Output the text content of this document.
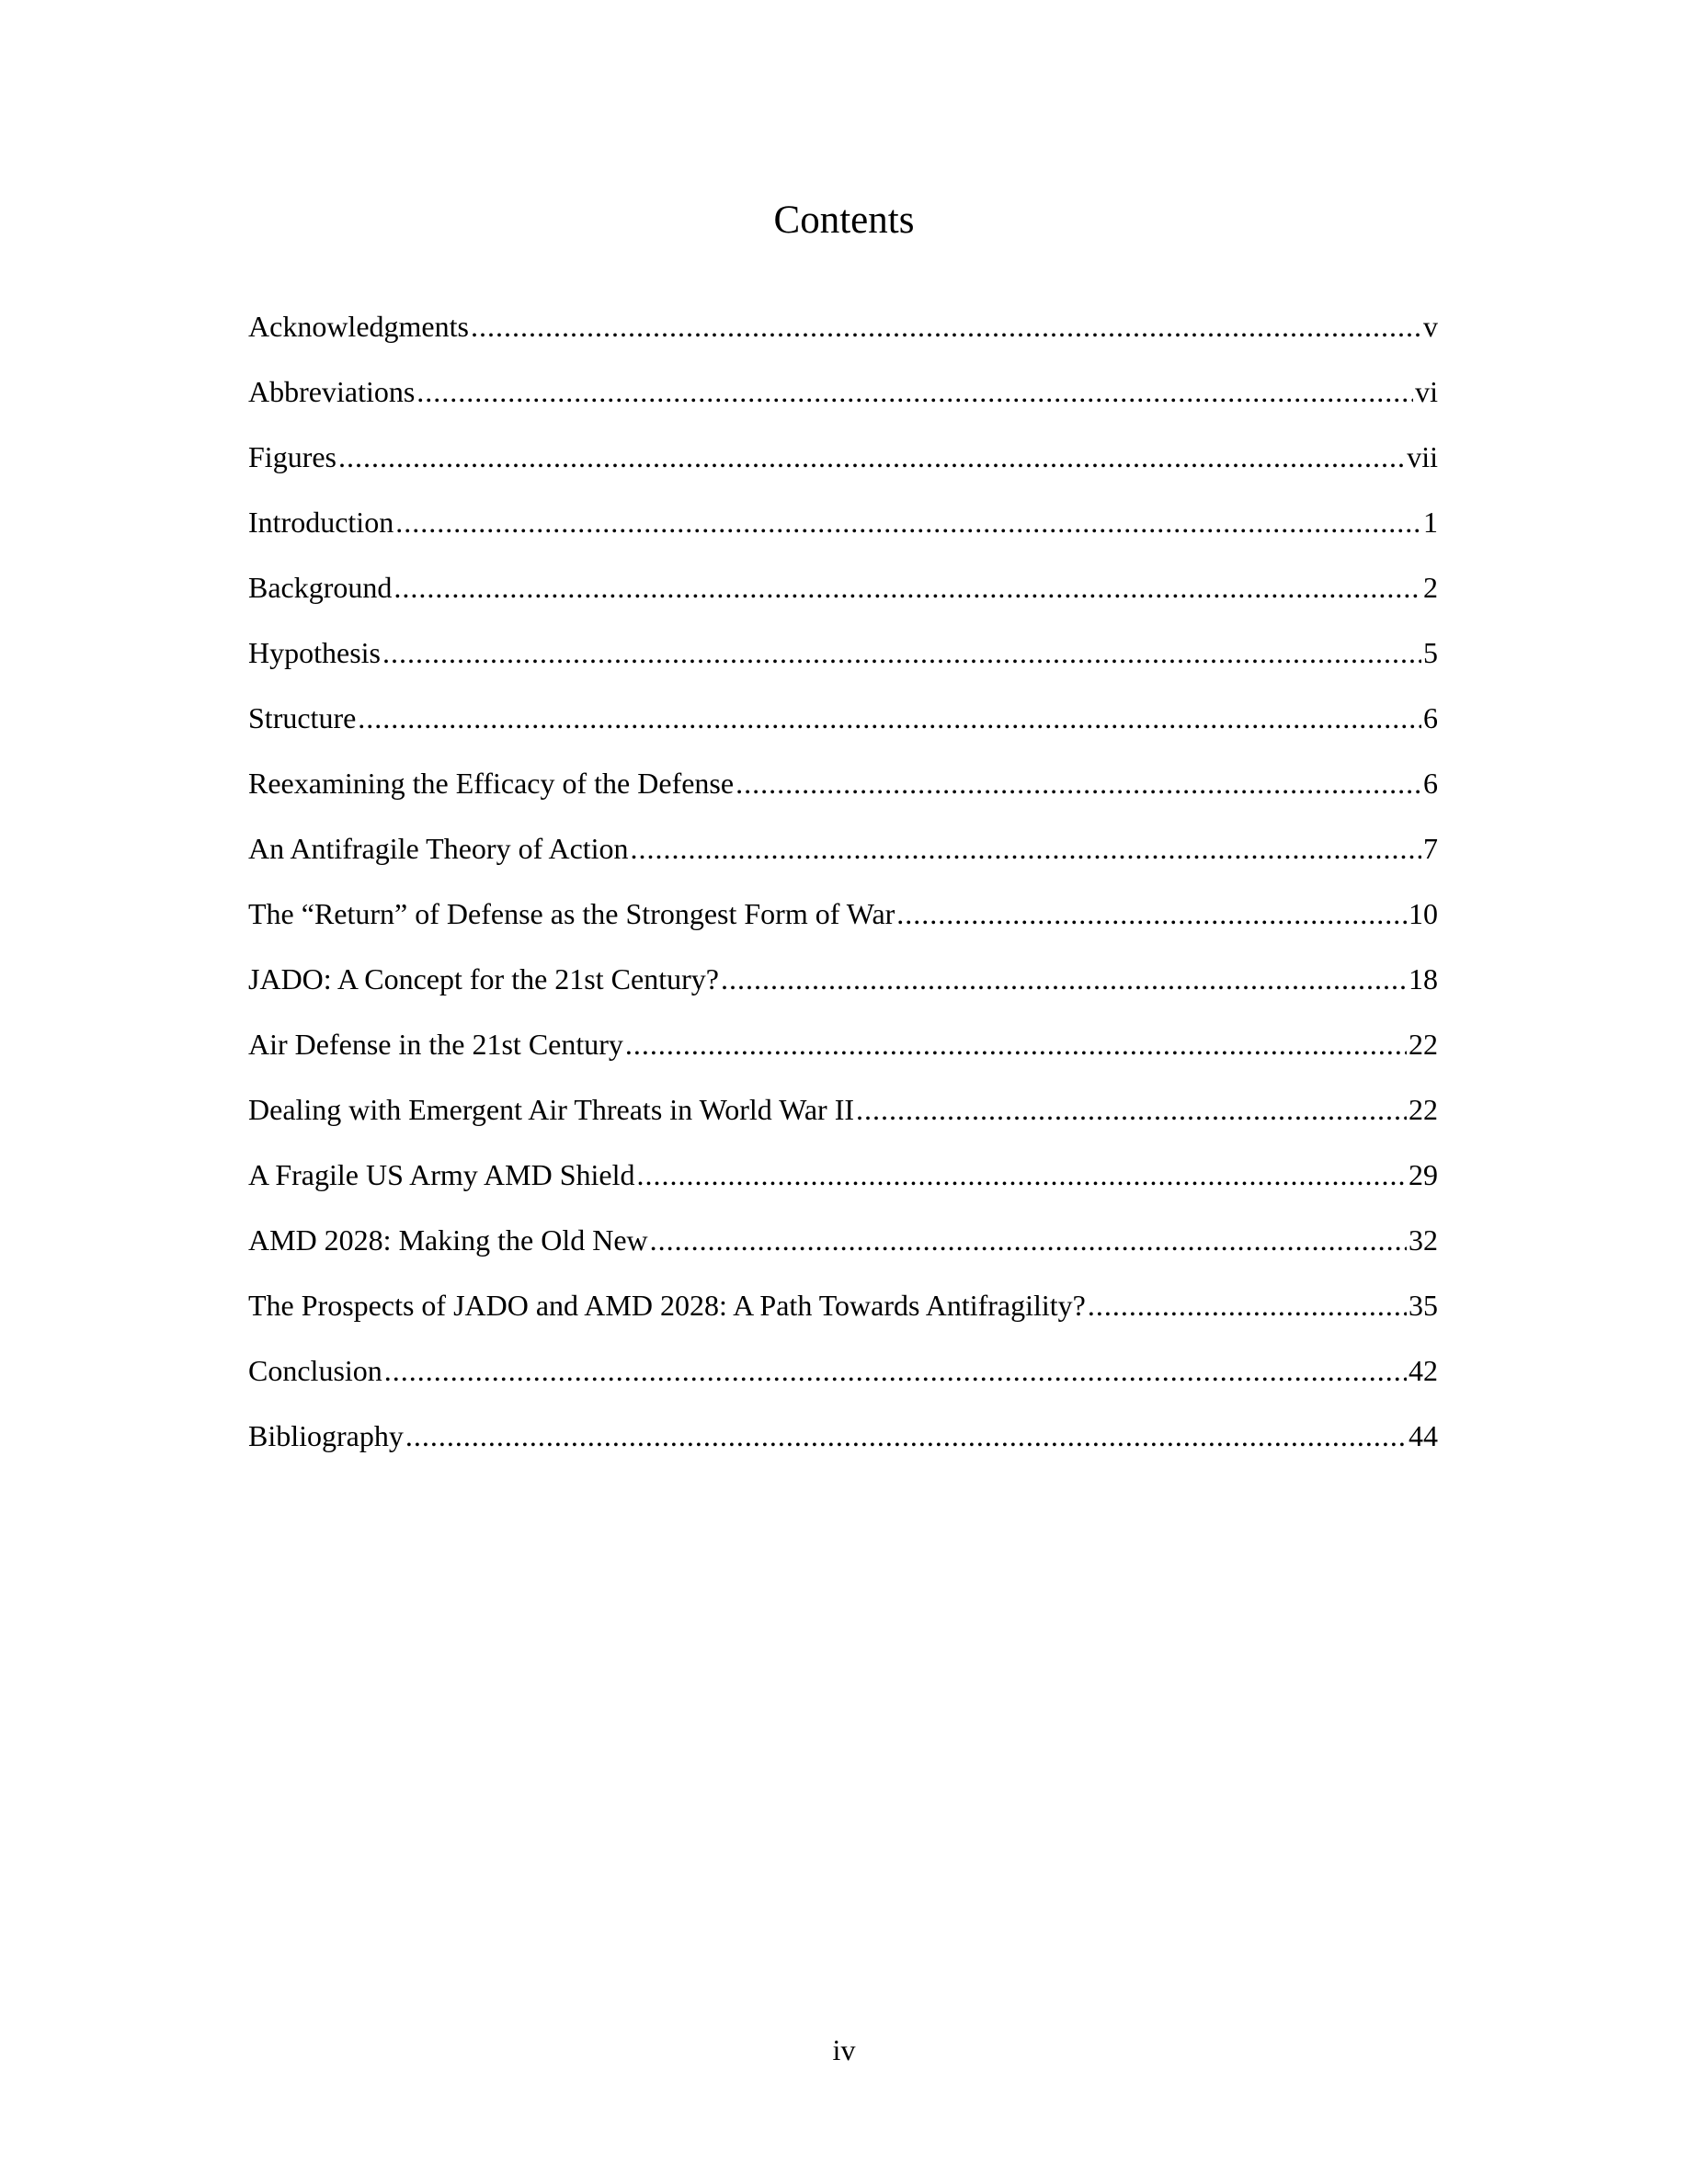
Contents
Acknowledgments .....	v
Abbreviations .....	vi
Figures .....	vii
Introduction .....	1
Background .....	2
Hypothesis .....	5
Structure .....	6
Reexamining the Efficacy of the Defense .....	6
An Antifragile Theory of Action .....	7
The “Return” of Defense as the Strongest Form of War .....	10
JADO: A Concept for the 21st Century? .....	18
Air Defense in the 21st Century .....	22
Dealing with Emergent Air Threats in World War II .....	22
A Fragile US Army AMD Shield .....	29
AMD 2028: Making the Old New .....	32
The Prospects of JADO and AMD 2028: A Path Towards Antifragility? .....	35
Conclusion .....	42
Bibliography .....	44
iv
